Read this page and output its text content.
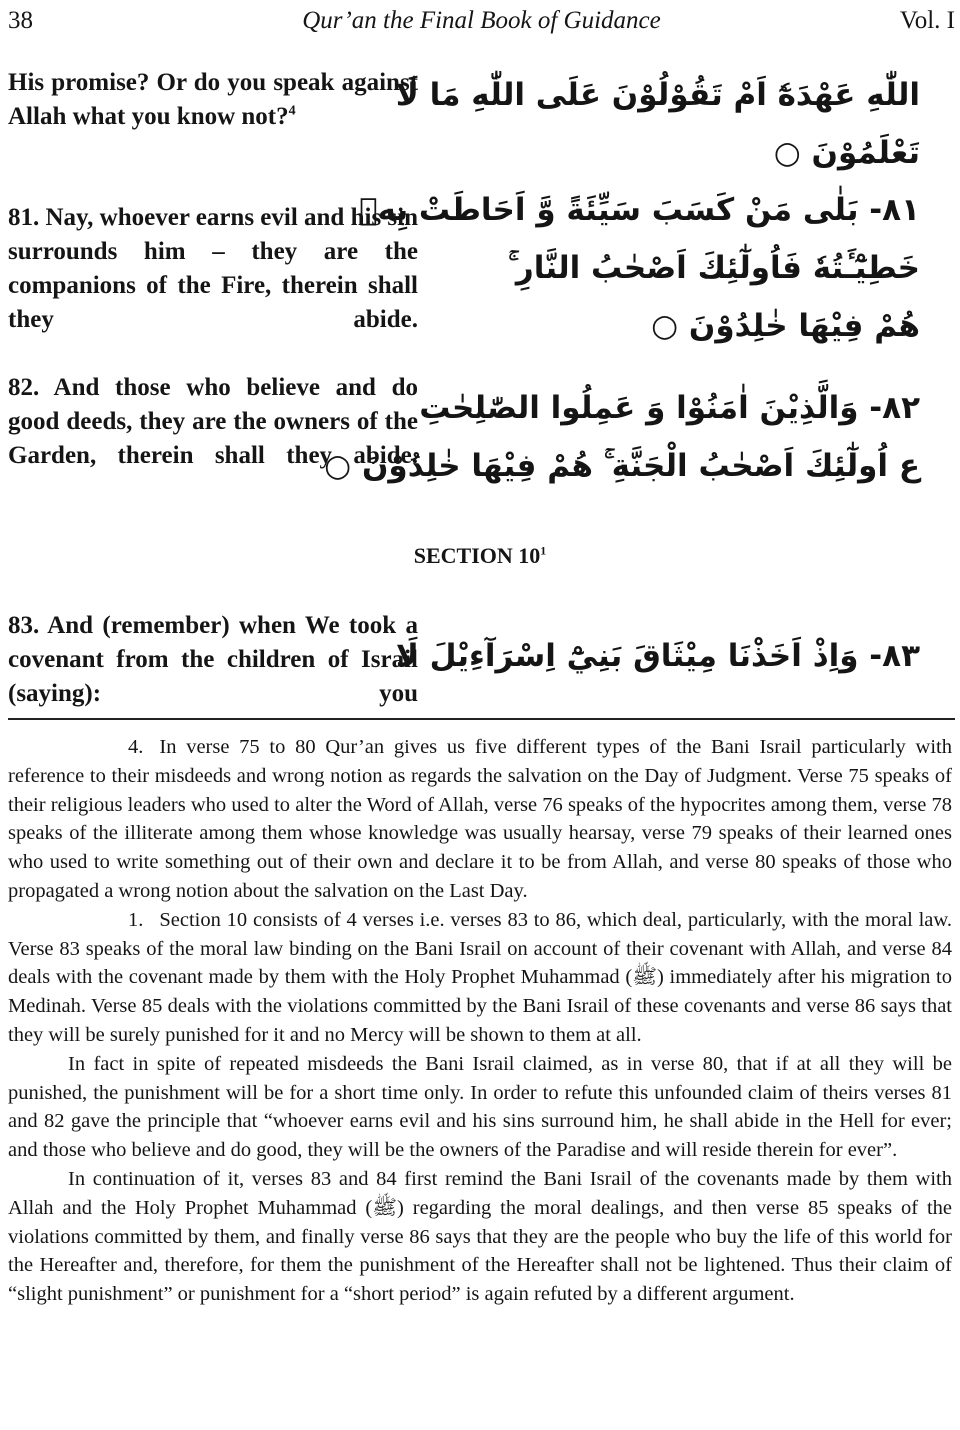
38	Qur’an the Final Book of Guidance	Vol. I
His promise? Or do you speak against Allah what you know not?$^4$	اللّٰهِ عَهْدَهٗٓ اَمْ تَقُوْلُوْنَ عَلَى اللّٰهِ مَا لَا
تَعْلَمُوْنَ ○
81. Nay, whoever earns evil and his sin surrounds him – they are the companions of the Fire, therein shall they abide.
٨١- بَلٰى مَنْ كَسَبَ سَيِّئَةً وَّ اَحَاطَتْ بِهٖ
خَطِيْٓـَٔتُهٗ فَاُولٰٓئِكَ اَصْحٰبُ النَّارِ ۚ
هُمْ فِيْهَا خٰلِدُوْنَ ○
82. And those who believe and do good deeds, they are the owners of the Garden, therein shall they abide.
٨٢- وَالَّذِيْنَ اٰمَنُوْا وَ عَمِلُوا الصّٰلِحٰتِ
ع اُولٰٓئِكَ اَصْحٰبُ الْجَنَّةِ ۚ هُمْ فِيْهَا خٰلِدُوْنَ ○
SECTION $10^1$
83. And (remember) when We took a covenant from the children of Israil (saying): you
٨٣- وَاِذْ اَخَذْنَا مِيْثَاقَ بَنِيْٓ اِسْرَآءِيْلَ لَا

4. In verse 75 to 80 Qur’an gives us five different types of the Bani Israil particularly with reference to their misdeeds and wrong notion as regards the salvation on the Day of Judgment. Verse 75 speaks of their religious leaders who used to alter the Word of Allah, verse 76 speaks of the hypocrites among them, verse 78 speaks of the illiterate among them whose knowledge was usually hearsay, verse 79 speaks of their learned ones who used to write something out of their own and declare it to be from Allah, and verse 80 speaks of those who propagated a wrong notion about the salvation on the Last Day.

1. Section 10 consists of 4 verses i.e. verses 83 to 86, which deal, particularly, with the moral law. Verse 83 speaks of the moral law binding on the Bani Israil on account of their covenant with Allah, and verse 84 deals with the covenant made by them with the Holy Prophet Muhammad (ﷺ) immediately after his migration to Medinah. Verse 85 deals with the violations committed by the Bani Israil of these covenants and verse 86 says that they will be surely punished for it and no Mercy will be shown to them at all.

In fact in spite of repeated misdeeds the Bani Israil claimed, as in verse 80, that if at all they will be punished, the punishment will be for a short time only. In order to refute this unfounded claim of theirs verses 81 and 82 gave the principle that “whoever earns evil and his sins surround him, he shall abide in the Hell for ever; and those who believe and do good, they will be the owners of the Paradise and will reside therein for ever”.

In continuation of it, verses 83 and 84 first remind the Bani Israil of the covenants made by them with Allah and the Holy Prophet Muhammad (ﷺ) regarding the moral dealings, and then verse 85 speaks of the violations committed by them, and finally verse 86 says that they are the people who buy the life of this world for the Hereafter and, therefore, for them the punishment of the Hereafter shall not be lightened. Thus their claim of “slight punishment” or punishment for a “short period” is again refuted by a different argument.
